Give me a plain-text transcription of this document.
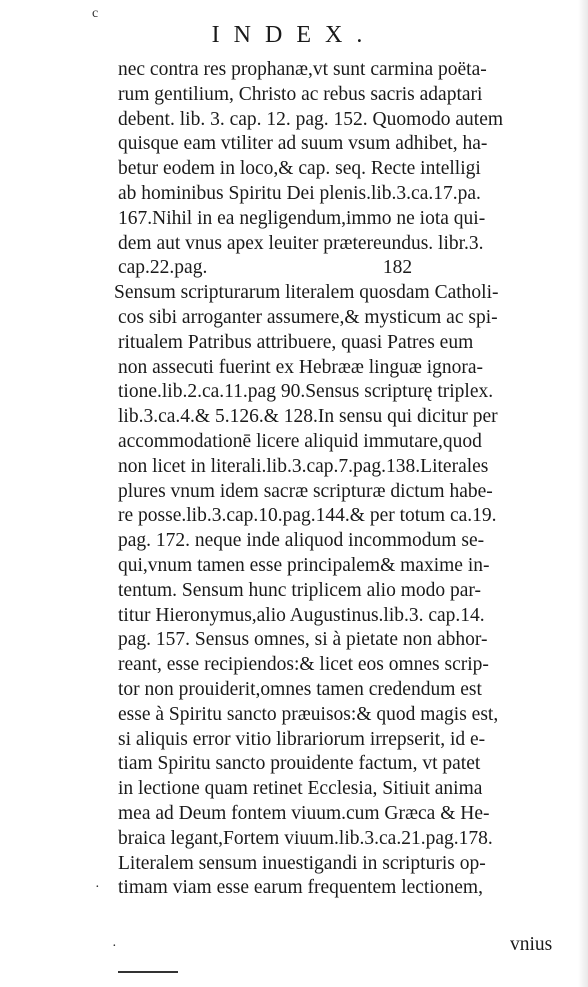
c
INDEX.
nec contra res prophanæ,vt sunt carmina poëta-
rum gentilium, Christo ac rebus sacris adaptari
debent. lib. 3. cap. 12. pag. 152. Quomodo autem
quisque eam vtiliter ad suum vsum adhibet, ha-
betur eodem in loco,& cap. seq. Recte intelligi
ab hominibus Spiritu Dei plenis.lib.3.ca.17.pa.
167.Nihil in ea negligendum,immo ne iota qui-
dem aut vnus apex leuiter prætereundus. libr.3.
cap.22.pag.                                    182
Sensum scripturarum literalem quosdam Catholi-
cos sibi arroganter assumere,& mysticum ac spi-
ritualem Patribus attribuere, quasi Patres eum
non assecuti fuerint ex Hebrææ linguæ ignora-
tione.lib.2.ca.11.pag 90.Sensus scripturę triplex.
lib.3.ca.4.& 5.126.& 128.In sensu qui dicitur per
accommodationē licere aliquid immutare,quod
non licet in literali.lib.3.cap.7.pag.138.Literales
plures vnum idem sacræ scripturæ dictum habe-
re posse.lib.3.cap.10.pag.144.& per totum ca.19.
pag. 172. neque inde aliquod incommodum se-
qui,vnum tamen esse principalem& maxime in-
tentum. Sensum hunc triplicem alio modo par-
titur Hieronymus,alio Augustinus.lib.3. cap.14.
pag. 157. Sensus omnes, si à pietate non abhor-
reant, esse recipiendos:& licet eos omnes scrip-
tor non prouiderit,omnes tamen credendum est
esse à Spiritu sancto præuisos:& quod magis est,
si aliquis error vitio librariorum irrepserit, id e-
tiam Spiritu sancto prouidente factum, vt patet
in lectione quam retinet Ecclesia, Sitiuit anima
mea ad Deum fontem viuum.cum Græca & He-
braica legant,Fortem viuum.lib.3.ca.21.pag.178.
Literalem sensum inuestigandi in scripturis op-
timam viam esse earum frequentem lectionem,
·
·	vnius
